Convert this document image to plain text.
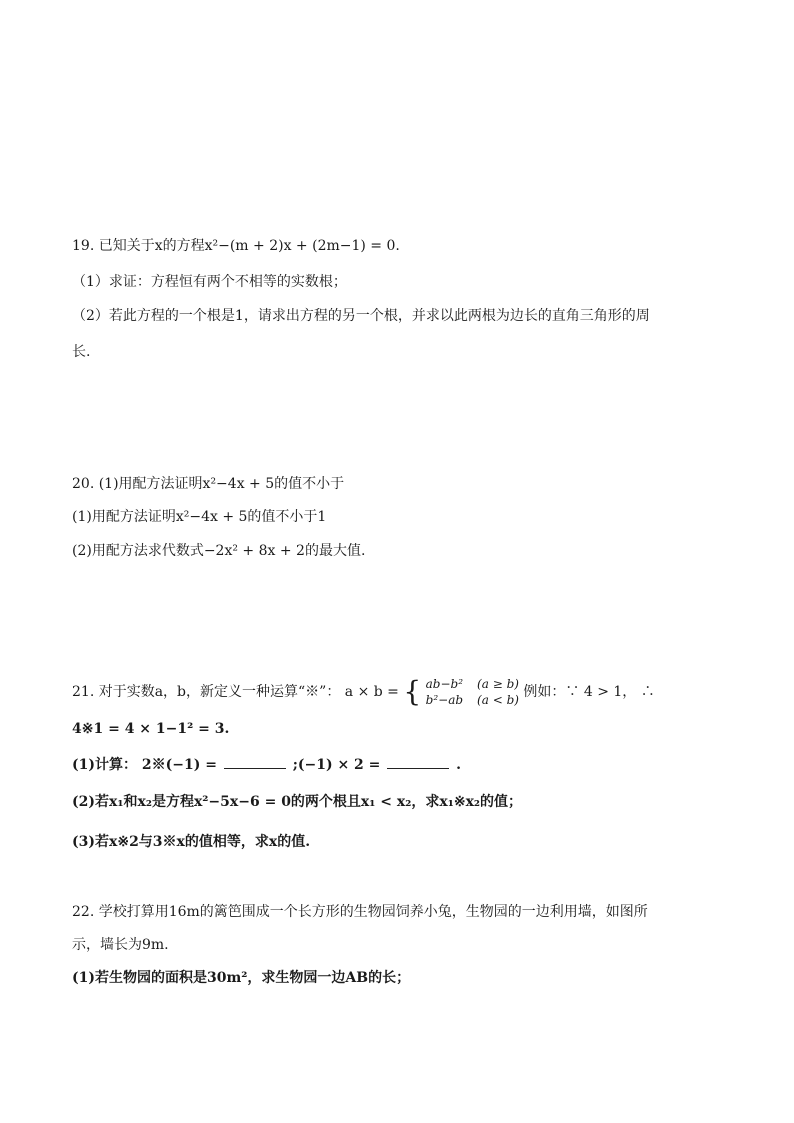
19. 已知关于x的方程x²−(m + 2)x + (2m−1) = 0.
（1）求证：方程恒有两个不相等的实数根；
（2）若此方程的一个根是1，请求出方程的另一个根，并求以此两根为边长的直角三角形的周
长.
20. (1)用配方法证明x²−4x + 5的值不小于
(1)用配方法证明x²−4x + 5的值不小于1
(2)用配方法求代数式−2x² + 8x + 2的最大值.
21. 对于实数a，b，新定义一种运算“※”： a × b = { ab−b² (a ≥ b)
b²−ab (a < b) 例如：∵ 4 > 1， ∴
4※1 = 4 × 1−1² = 3.
(1)计算： 2※(−1) =	;(−1) × 2 =	.
(2)若x₁和x₂是方程x²−5x−6 = 0的两个根且x₁ < x₂，求x₁※x₂的值；
(3)若x※2与3※x的值相等，求x的值.
22. 学校打算用16m的篱笆围成一个长方形的生物园饲养小兔，生物园的一边利用墙，如图所
示，墙长为9m.
(1)若生物园的面积是30m²，求生物园一边AB的长；
